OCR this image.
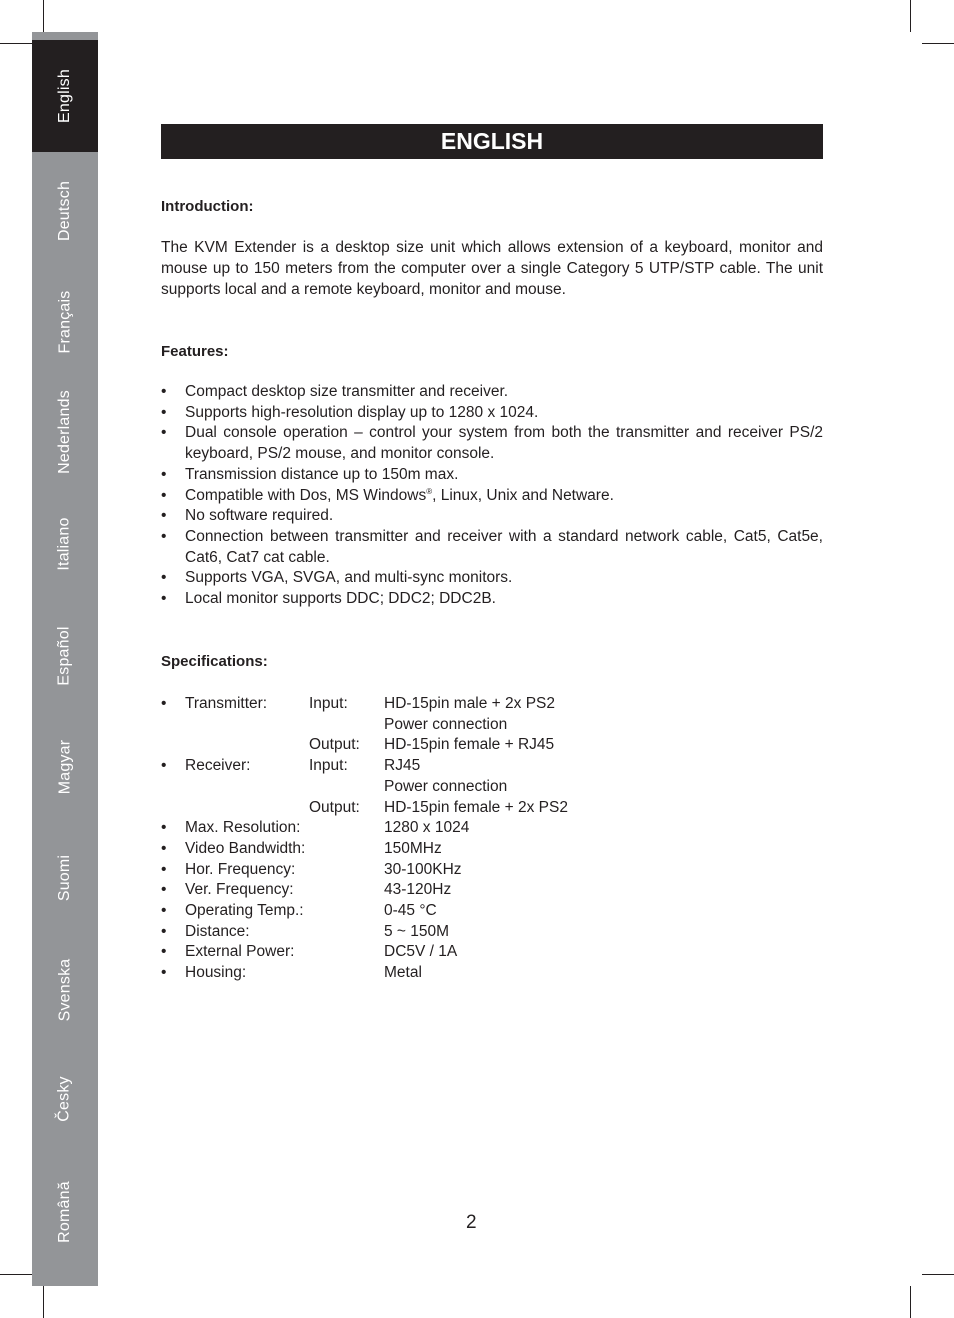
English
Deutsch
Français
Nederlands
Italiano
Español
Magyar
Suomi
Svenska
Česky
Română
ENGLISH
Introduction:

The KVM Extender is a desktop size unit which allows extension of a keyboard, monitor and mouse up to 150 meters from the computer over a single Category 5 UTP/STP cable. The unit supports local and a remote keyboard, monitor and mouse.

Features:
• Compact desktop size transmitter and receiver.
• Supports high-resolution display up to 1280 x 1024.
• Dual console operation – control your system from both the transmitter and receiver PS/2 keyboard, PS/2 mouse, and monitor console.
• Transmission distance up to 150m max.
• Compatible with Dos, MS Windows®, Linux, Unix and Netware.
• No software required.
• Connection between transmitter and receiver with a standard network cable, Cat5, Cat5e, Cat6, Cat7 cat cable.
• Supports VGA, SVGA, and multi-sync monitors.
• Local monitor supports DDC; DDC2; DDC2B.
Specifications:
•	Transmitter:	Input:	HD-15pin male + 2x PS2
			Power connection
		Output:	HD-15pin female + RJ45
•	Receiver:	Input:	RJ45
			Power connection
		Output:	HD-15pin female + 2x PS2
•	Max. Resolution:		1280 x 1024
•	Video Bandwidth:		150MHz
•	Hor. Frequency:		30-100KHz
•	Ver. Frequency:		43-120Hz
•	Operating Temp.:		0-45 °C
•	Distance:		5 ~ 150M
•	External Power:		DC5V / 1A
•	Housing:		Metal
2
